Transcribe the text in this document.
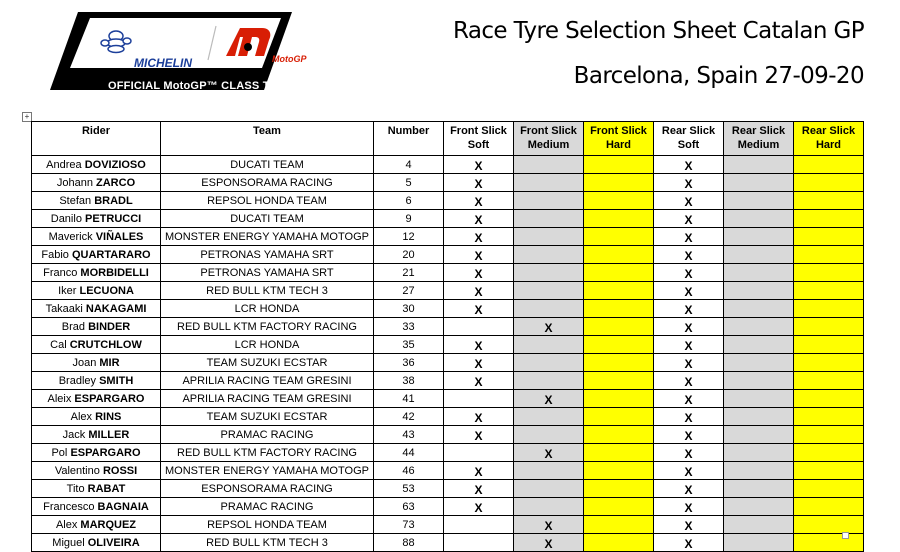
MICHELIN	MotoGP
OFFICIAL MotoGP™ CLASS TYRE
Race Tyre Selection Sheet Catalan GP
Barcelona, Spain 27-09-20
+
Rider	Team	Number	Front Slick Soft	Front Slick Medium	Front Slick Hard	Rear Slick Soft	Rear Slick Medium	Rear Slick Hard
Andrea DOVIZIOSO	DUCATI TEAM	4	X			X		
Johann ZARCO	ESPONSORAMA RACING	5	X			X		
Stefan BRADL	REPSOL HONDA TEAM	6	X			X		
Danilo PETRUCCI	DUCATI TEAM	9	X			X		
Maverick VIÑALES	MONSTER ENERGY YAMAHA MOTOGP	12	X			X		
Fabio QUARTARARO	PETRONAS YAMAHA SRT	20	X			X		
Franco MORBIDELLI	PETRONAS YAMAHA SRT	21	X			X		
Iker LECUONA	RED BULL KTM TECH 3	27	X			X		
Takaaki NAKAGAMI	LCR HONDA	30	X			X		
Brad BINDER	RED BULL KTM FACTORY RACING	33		X		X		
Cal CRUTCHLOW	LCR HONDA	35	X			X		
Joan MIR	TEAM SUZUKI ECSTAR	36	X			X		
Bradley SMITH	APRILIA RACING TEAM GRESINI	38	X			X		
Aleix ESPARGARO	APRILIA RACING TEAM GRESINI	41		X		X		
Alex RINS	TEAM SUZUKI ECSTAR	42	X			X		
Jack MILLER	PRAMAC RACING	43	X			X		
Pol ESPARGARO	RED BULL KTM FACTORY RACING	44		X		X		
Valentino ROSSI	MONSTER ENERGY YAMAHA MOTOGP	46	X			X		
Tito RABAT	ESPONSORAMA RACING	53	X			X		
Francesco BAGNAIA	PRAMAC RACING	63	X			X		
Alex MARQUEZ	REPSOL HONDA TEAM	73		X		X		
Miguel OLIVEIRA	RED BULL KTM TECH 3	88		X		X		
